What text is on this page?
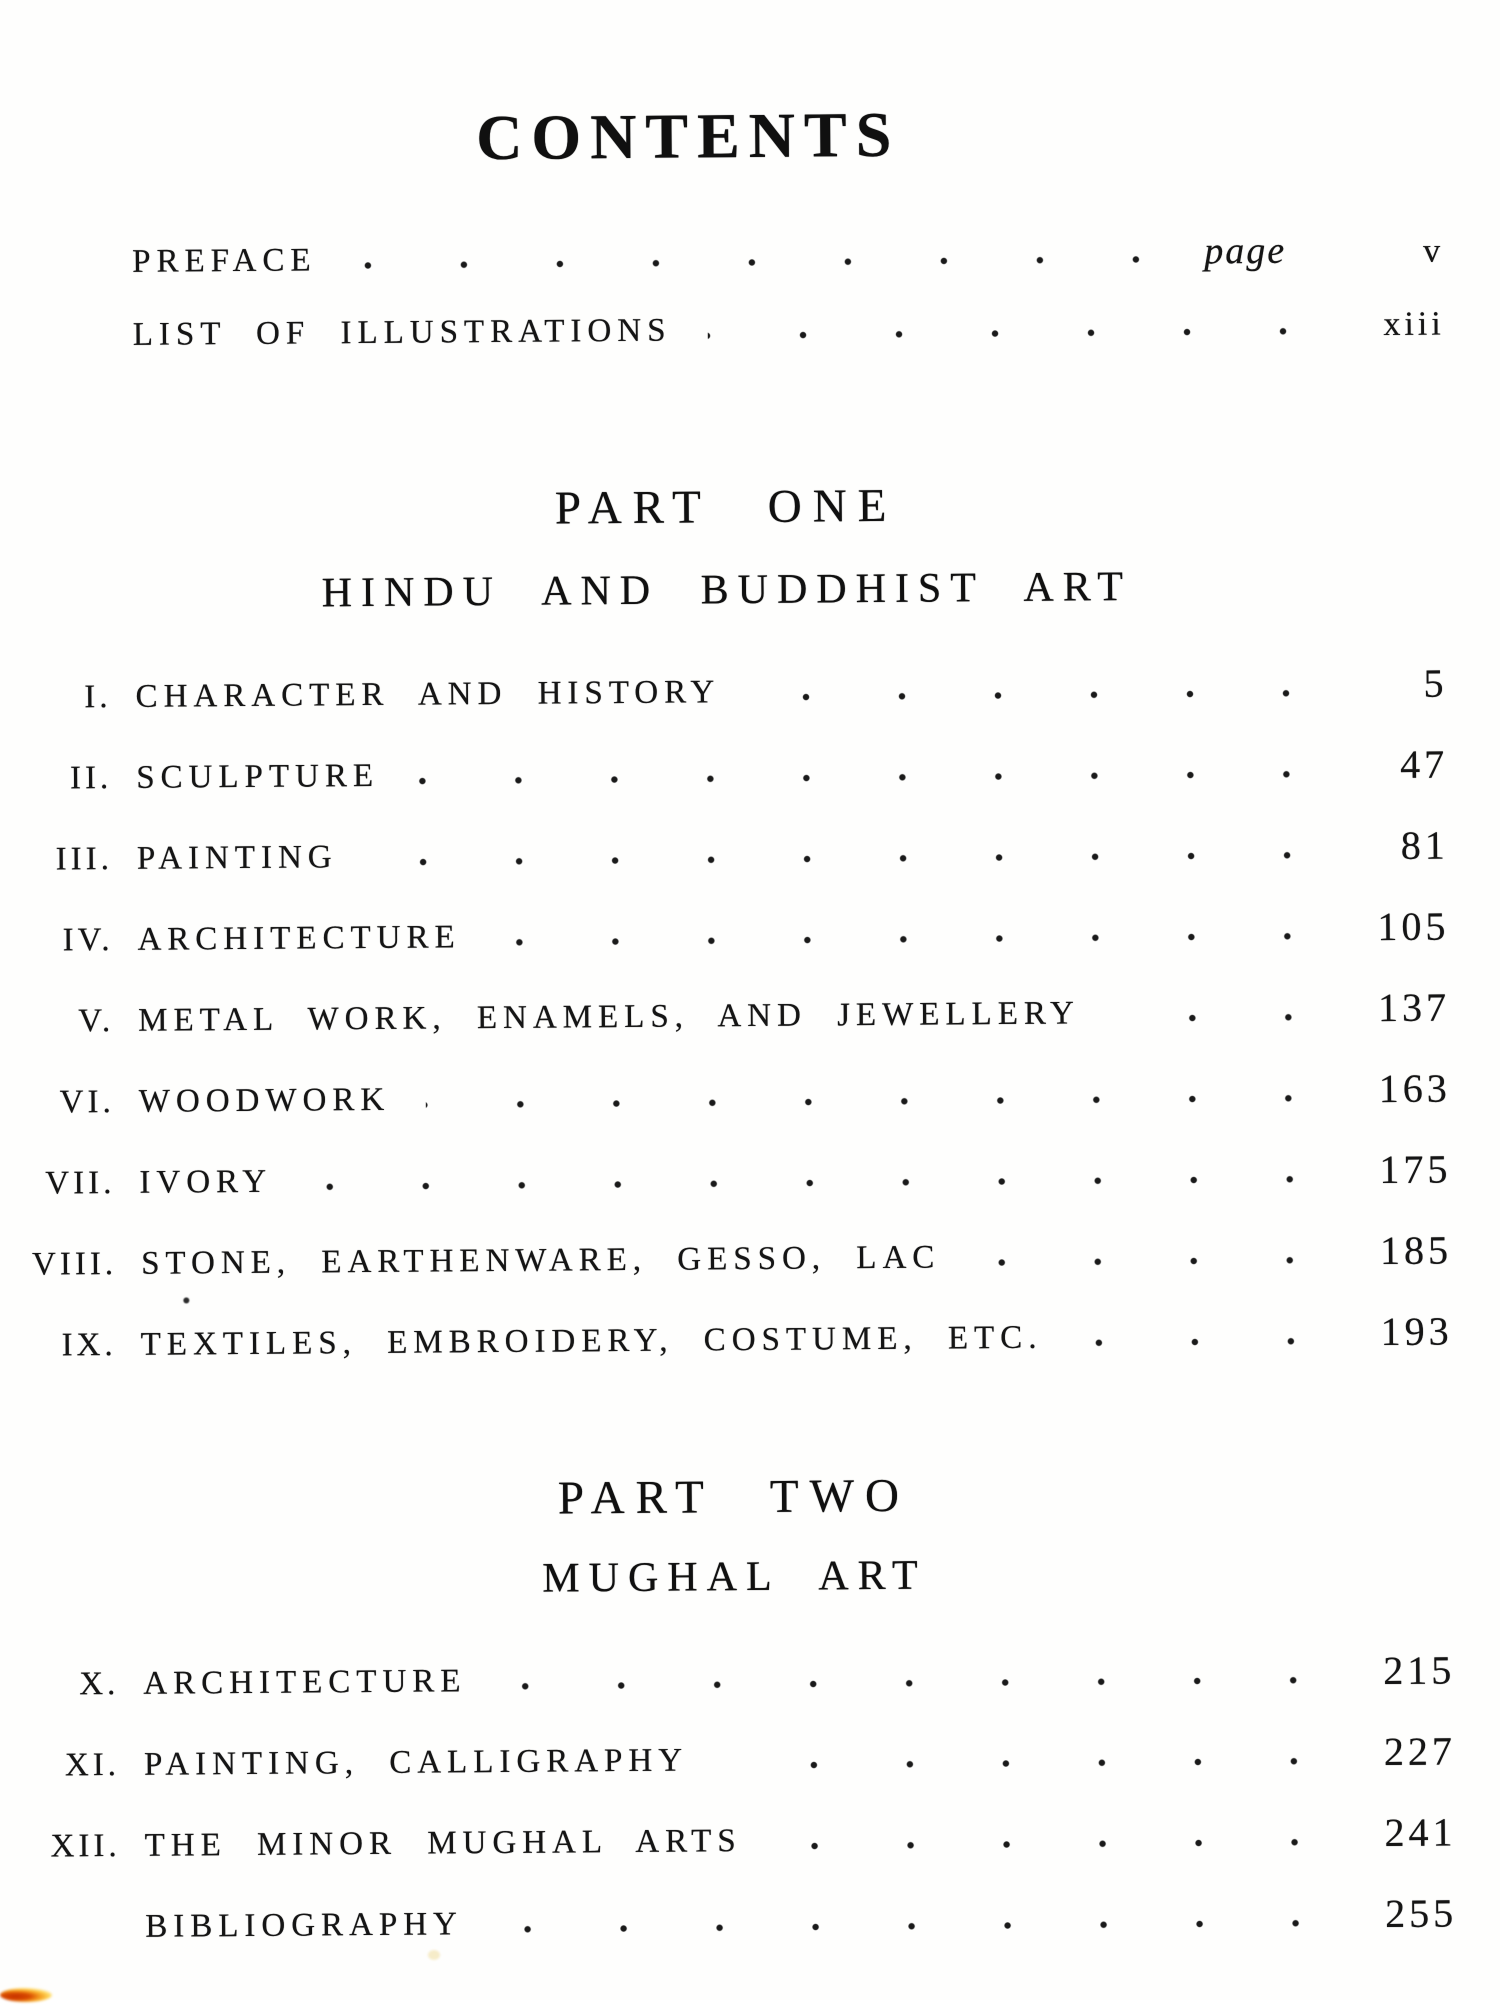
CONTENTS
PREFACE	page	v
LIST OF ILLUSTRATIONS	xiii
PART ONE
HINDU AND BUDDHIST ART
I. CHARACTER AND HISTORY	5
II. SCULPTURE	47
III. PAINTING	81
IV. ARCHITECTURE	105
V. METAL WORK, ENAMELS, AND JEWELLERY	137
VI. WOODWORK	163
VII. IVORY	175
VIII. STONE, EARTHENWARE, GESSO, LAC	185
IX. TEXTILES, EMBROIDERY, COSTUME, ETC.	193
PART TWO
MUGHAL ART
X. ARCHITECTURE	215
XI. PAINTING, CALLIGRAPHY	227
XII. THE MINOR MUGHAL ARTS	241
BIBLIOGRAPHY	255
